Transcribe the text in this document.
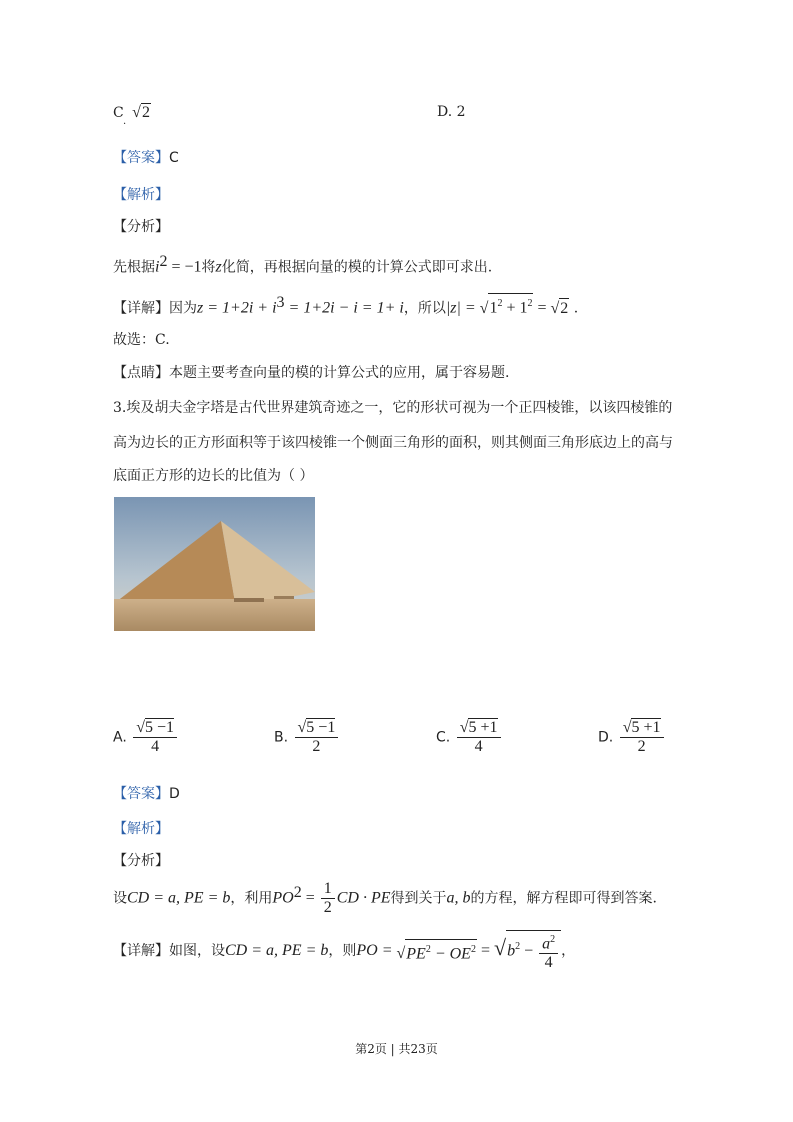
C √2
.
D. 2
【答案】C
【解析】
【分析】
先根据$i^2 = -1$将z化简，再根据向量的模的计算公式即可求出.
【详解】因为$z = 1+2i + i^3 = 1+2i - i = 1+ i$，所以$|z| = √1^2 + 1^2 = √2$ .
故选：C.
【点睛】本题主要考查向量的模的计算公式的应用，属于容易题.
3.埃及胡夫金字塔是古代世界建筑奇迹之一，它的形状可视为一个正四棱锥，以该四棱锥的
高为边长的正方形面积等于该四棱锥一个侧面三角形的面积，则其侧面三角形底边上的高与
底面正方形的边长的比值为（ ）
A. $\frac{√5 -1}{4}$	B. $\frac{√5 -1}{2}$	C. $\frac{√5 +1}{4}$	D. $\frac{√5 +1}{2}$
【答案】D
【解析】
【分析】
设CD = a, PE = b，利用$PO^2 = \frac{1}{2}$ CD · PE得到关于a, b的方程，解方程即可得到答案.
【详解】如图，设CD = a, PE = b，则PO = $√PE^2 - OE^2 = √b^2 - \frac{a^2}{4}$ ，
第2页 | 共23页
